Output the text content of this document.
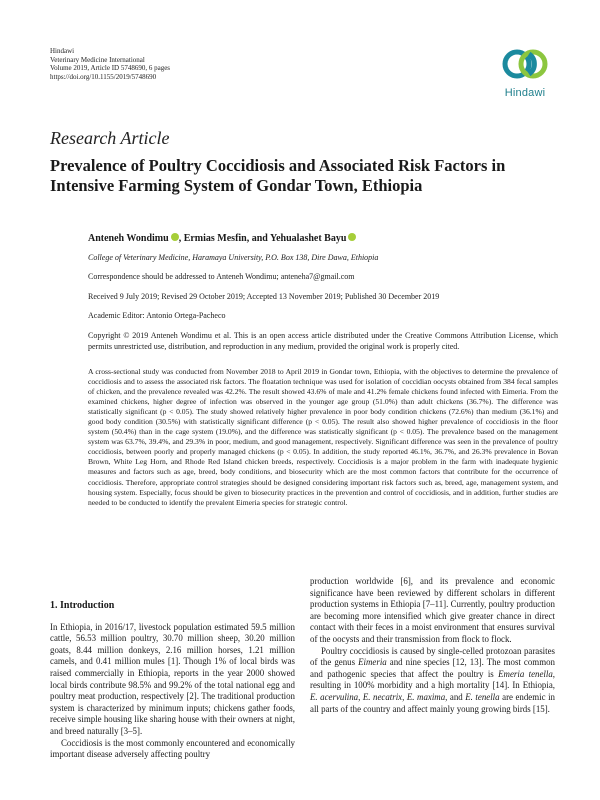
Hindawi
Veterinary Medicine International
Volume 2019, Article ID 5748690, 6 pages
https://doi.org/10.1155/2019/5748690
Hindawi
Research Article
Prevalence of Poultry Coccidiosis and Associated Risk Factors in Intensive Farming System of Gondar Town, Ethiopia
Anteneh Wondimu , Ermias Mesfin, and Yehualashet Bayu
College of Veterinary Medicine, Haramaya University, P.O. Box 138, Dire Dawa, Ethiopia
Correspondence should be addressed to Anteneh Wondimu; anteneha7@gmail.com
Received 9 July 2019; Revised 29 October 2019; Accepted 13 November 2019; Published 30 December 2019
Academic Editor: Antonio Ortega-Pacheco
Copyright © 2019 Anteneh Wondimu et al. This is an open access article distributed under the Creative Commons Attribution License, which permits unrestricted use, distribution, and reproduction in any medium, provided the original work is properly cited.
A cross-sectional study was conducted from November 2018 to April 2019 in Gondar town, Ethiopia, with the objectives to determine the prevalence of coccidiosis and to assess the associated risk factors. The floatation technique was used for isolation of coccidian oocysts obtained from 384 fecal samples of chicken, and the prevalence revealed was 42.2%. The result showed 43.6% of male and 41.2% female chickens found infected with Eimeria. From the examined chickens, higher degree of infection was observed in the younger age group (51.0%) than adult chickens (36.7%). The difference was statistically significant (p < 0.05). The study showed relatively higher prevalence in poor body condition chickens (72.6%) than medium (36.1%) and good body condition (30.5%) with statistically significant difference (p < 0.05). The result also showed higher prevalence of coccidiosis in the floor system (50.4%) than in the cage system (19.0%), and the difference was statistically significant (p < 0.05). The prevalence based on the management system was 63.7%, 39.4%, and 29.3% in poor, medium, and good management, respectively. Significant difference was seen in the prevalence of poultry coccidiosis, between poorly and properly managed chickens (p < 0.05). In addition, the study reported 46.1%, 36.7%, and 26.3% prevalence in Bovan Brown, White Leg Horn, and Rhode Red Island chicken breeds, respectively. Coccidiosis is a major problem in the farm with inadequate hygienic measures and factors such as age, breed, body conditions, and biosecurity which are the most common factors that contribute for the occurrence of coccidiosis. Therefore, appropriate control strategies should be designed considering important risk factors such as, breed, age, management system, and housing system. Especially, focus should be given to biosecurity practices in the prevention and control of coccidiosis, and in addition, further studies are needed to be conducted to identify the prevalent Eimeria species for strategic control.
1. Introduction

In Ethiopia, in 2016/17, livestock population estimated 59.5 million cattle, 56.53 million poultry, 30.70 million sheep, 30.20 million goats, 8.44 million donkeys, 2.16 million horses, 1.21 million camels, and 0.41 million mules [1]. Though 1% of local birds was raised commercially in Ethiopia, reports in the year 2000 showed local birds contribute 98.5% and 99.2% of the total national egg and poultry meat production, respectively [2]. The traditional production system is characterized by minimum inputs; chickens gather foods, receive simple housing like sharing house with their owners at night, and breed naturally [3–5].

Coccidiosis is the most commonly encountered and economically important disease adversely affecting poultry

production worldwide [6], and its prevalence and economic significance have been reviewed by different scholars in different production systems in Ethiopia [7–11]. Currently, poultry production are becoming more intensified which give greater chance in direct contact with their feces in a moist environment that ensures survival of the oocysts and their transmission from flock to flock.

Poultry coccidiosis is caused by single-celled protozoan parasites of the genus Eimeria and nine species [12, 13]. The most common and pathogenic species that affect the poultry is Emeria tenella, resulting in 100% morbidity and a high mortality [14]. In Ethiopia, E. acervulina, E. necatrix, E. maxima, and E. tenella are endemic in all parts of the country and affect mainly young growing birds [15].
